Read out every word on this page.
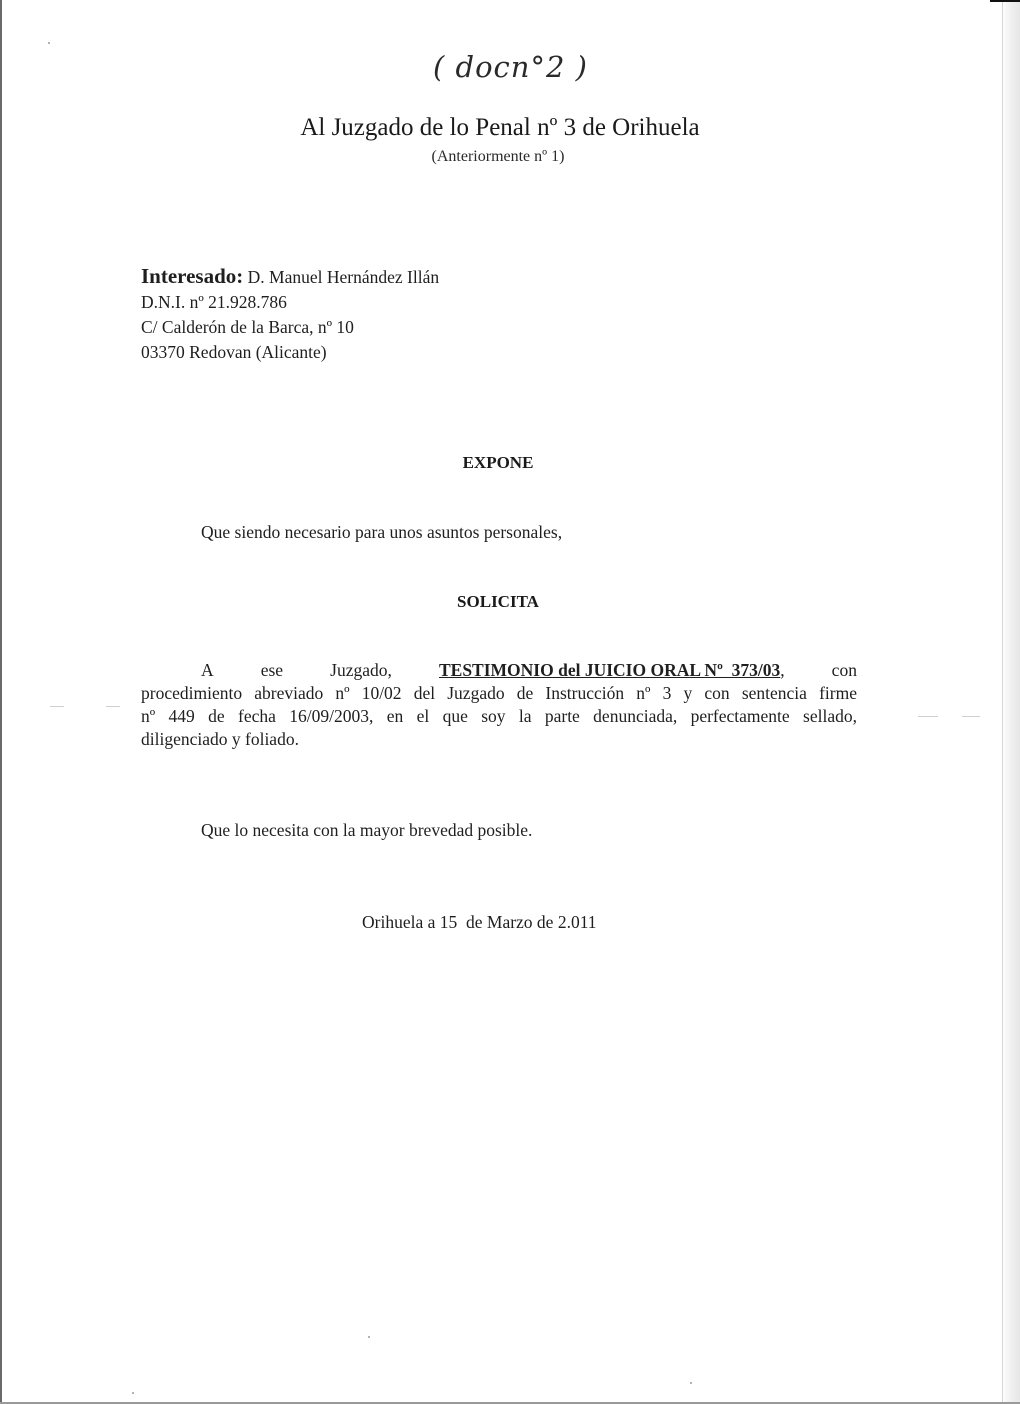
( docn°2 )
Al Juzgado de lo Penal nº 3 de Orihuela
(Anteriormente nº 1)
Interesado: D. Manuel Hernández Illán
D.N.I. nº 21.928.786
C/ Calderón de la Barca, nº 10
03370 Redovan (Alicante)
EXPONE
Que siendo necesario para unos asuntos personales,
SOLICITA
A	ese	Juzgado,	TESTIMONIO del JUICIO ORAL Nº  373/03,	con
procedimiento abreviado nº 10/02 del Juzgado de Instrucción nº 3 y con sentencia firme
nº 449 de fecha 16/09/2003, en el que soy la parte denunciada, perfectamente sellado,
diligenciado y foliado.
Que lo necesita con la mayor brevedad posible.
Orihuela a 15  de Marzo de 2.011
